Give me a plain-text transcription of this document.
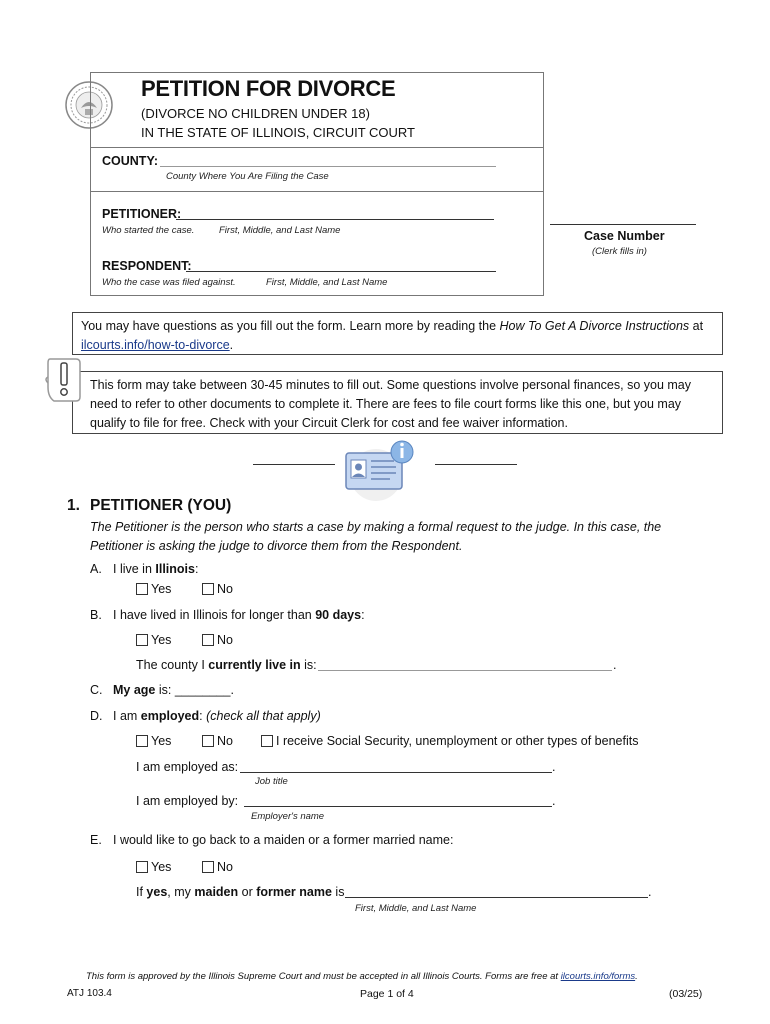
PETITION FOR DIVORCE
(DIVORCE NO CHILDREN UNDER 18)
IN THE STATE OF ILLINOIS, CIRCUIT COURT
COUNTY:
County Where You Are Filing the Case
PETITIONER:
Who started the case.	First, Middle, and Last Name
RESPONDENT:
Who the case was filed against.	First, Middle, and Last Name
Case Number
(Clerk fills in)
You may have questions as you fill out the form. Learn more by reading the How To Get A Divorce Instructions at
ilcourts.info/how-to-divorce.
This form may take between 30-45 minutes to fill out. Some questions involve personal finances, so you may need to refer to other documents to complete it. There are fees to file court forms like this one, but you may qualify to file for free. Check with your Circuit Clerk for cost and fee waiver information.
1. PETITIONER (YOU)
The Petitioner is the person who starts a case by making a formal request to the judge. In this case, the Petitioner is asking the judge to divorce them from the Respondent.
A. I live in Illinois:
Yes	No
B. I have lived in Illinois for longer than 90 days:
Yes	No
The county I currently live in is:	.
C. My age is: ________.
D. I am employed: (check all that apply)
Yes	No	I receive Social Security, unemployment or other types of benefits
I am employed as:	.
Job title
I am employed by:	.
Employer's name
E. I would like to go back to a maiden or a former married name:
Yes	No
If yes, my maiden or former name is	.
First, Middle, and Last Name
This form is approved by the Illinois Supreme Court and must be accepted in all Illinois Courts. Forms are free at ilcourts.info/forms.
ATJ 103.4	Page 1 of 4	(03/25)
